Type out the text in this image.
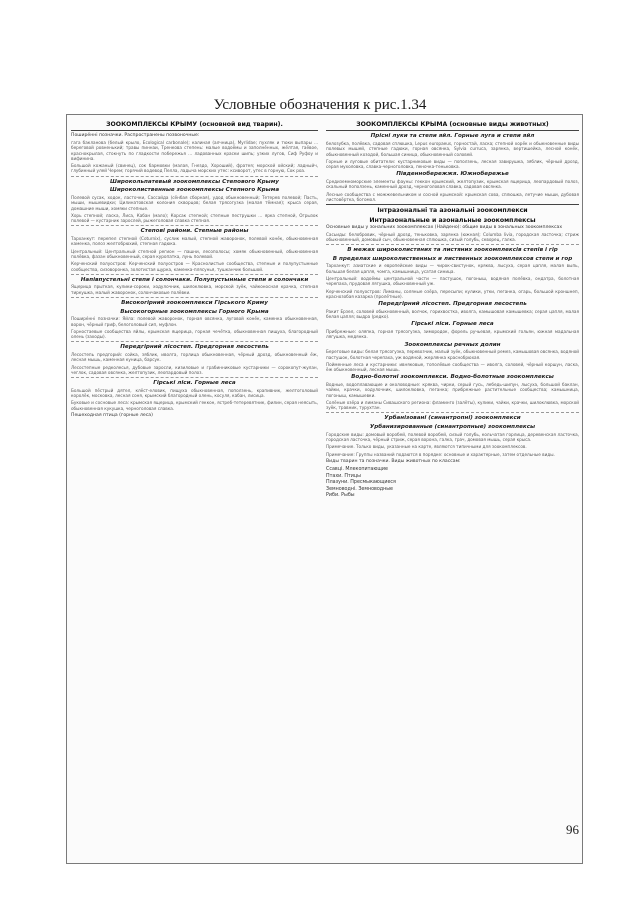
Условные обозначения к рис.1.34
ЗООКОМПЛЕКСЫ КРЫМУ (основной вид тварин).
Пошире́нні позначки. Распространены позвоночные:
гага бакланова (белый крыло, Ecological carbonale); калиная (алчница), Myrlidae; пухляк и тюки выпары ... береговой ровненький; травы пиннаи, Тренкова степень: малые водоёмы и заполнённых, жёлтая, гаёвое, краснокрылая, стокнуть по гладкости побережья ... ладованных краски шипь; узких лугов, Сиф Руфоу и вифинина.
Большой кожаный (свинец), сок бармовки (малая, Гнездо, Хороший), фратея; морской ойский; ладныйч, глубинный улей Черем; горячий водевод Пелла, ладыча морских утес: ксиворот, утес в горную, Сок роа.
Широкольпатевый зоокомплексы Степового Крыму
Широколиственные зоокомплексы Степного Крыма
Полевой сусак, ходок, ласточки, Сассайда (сёнбая сборная), удод обыкновенный; Тетерев полевой; Пасть, мыши, мышевидки; Цилинатовская колония скворцов; белая трясогузка (малая тёмная); крыса серая, домашние мыши, хомяки степные.
Хорь степной; ласка, Лиса, Кабан (мало); Корсак степной; степные пеструшки ... ярка степной, Огрызок полевой — кустарник зарослей, рыжеголовая славка степная.
Степові райони. Степные районы
Тарханкут: перепел степной (Coturnix), суслик малый, степной жаворонок, полевой конёк, обыкновенная каменка, полоз желтобрюхий, степная гадюка.
Центральный: Центральный степной регион — пашни, лесополосы; хомяк обыкновенный, обыкновенная полёвка, фазан обыкновенный, серая куропатка, лунь полевой.
Керченский полуостров: Керченский полуостров — Краснолистые сообщества, степные и полупустынные сообщества, сизоворонка, золотистая щурка, каменка-плясунья, тушканчик большой.
Напівпустельні степи і солончаки. Полупустынные степи и солончаки
Ящерица прыткая, кулики-сороки, ходулочник, шилоклювка, морской зуёк, чайконосная крачка, степная тиркушка, малый жаворонок, солончаковые полёвки.
Високогірний зоокомплекси Гірського Криму
Высокогорные зоокомплексы Горного Крыма
Пошире́нні позначки: Яйла: полевой жаворонок, горная овсянка, луговой конёк, каменка обыкновенная, ворон, чёрный гриф, белоголовый сип, муфлон.
Горностаевые сообщества яйлы, крымская ящерица, горная чечётка, обыкновенная пищуха, благородный олень (заходы).
Передгірний лісостеп. Предгорная лесостепь
Лесостепь предгорий: сойка, зяблик, иволга, горлица обыкновенная, чёрный дрозд, обыкновенный ёж, лесная мышь, каменная куница, барсук.
Лесостепные редколесья, дубовые заросли, кизиловые и грабинниковые кустарники — сорокопут-жулан, чеглок, садовая овсянка, желтопузик, леопардовый полоз.
Гірські ліси. Горные леса
Большой пёстрый дятел, клёст-еловик, пищуха обыкновенная, поползень, крапивник, желтоголовый королёк, московка, лесная соня, крымский благородный олень, косуля, кабан, лисица.
Буковые и сосновые леса: крымская ящерица, крымский геккон, ястреб-тетеревятник, филин, серая неясыть, обыкновенная кукушка, черноголовая славка.
Пешеходная птица (горные леса)
ЗООКОМПЛЕКСЫ КРЫМА (основные виды животных)
Прісні луки та степи яйл. Горные луга и степи яйл
белозубка, полёвка, садовая сплюшка, Lepus europaeus, горностай, ласка; степной хорёк и обыкновенные виды полевых мышей, степные гадюки, горная овсянка, Sylvia curruca, зарянка, вертишейка, лесной конёк, обыкновенный козодой, большая синица, обыкновенный соловей.
Горные и луговые обитатели: кустарниковые виды — поползень, лесная завирушка, зяблик, чёрный дрозд, серая мухоловка, славка-черноголовка, пеночка-теньковка.
Південнобережжя. Южнобережье
Средиземноморские элементы фауны: геккон крымский, желтопузик, крымская ящерица, леопардовый полоз, скальный поползень, каменный дрозд, черноголовая славка, садовая овсянка.
Лесные сообщества с можжевельником и сосной крымской: крымская сова, сплюшка, летучие мыши, дубовая листовёртка, богомол.
Інтразональні та азональні зоокомплекси
Интразональные и азональные зоокомплексы
Основные виды у зональних зоокомплексах (Найдено): общие виды в зональных зоокомплексах
Сасьиды: белобровик, чёрный дрозд, теньковка, зарянка (южная); Columba livia, городская ласточка; стриж обыкновенный, домовый сыч, обыкновенная сплюшка, сизый голубь, скворец, галка.
В межах широколистяних та листяних зоокомплексів степів і гір
В пределах широколиственных и лиственных зоокомплексов степи и гор
Тарханкут: азиатские и европейские виды — чирок-свистунок, кряква, лысуха, серая цапля, малая выпь, большая белая цапля, чомга, камышница, усатая синица.
Центральный: водоёмы центральной части — пастушок, погоныш, водяная полёвка, ондатра, болотная черепаха, прудовая лягушка, обыкновенный уж.
Керченский полуостров: Лиманы, соляные озёра, пересыпи; кулики, утки, пеганка, огарь, большой кроншнеп, краснозобая казарка (пролётные).
Передгірний лісостеп. Предгорная лесостепь
Ракит Ерзел, соловей обыкновенный, волчок, горихвостка, иволга, камышовая камышевка; серая цапля, малая белая цапля; выдра (редко).
Гірські ліси. Горные леса
Прибрежные: оляпка, горная трясогузка, зимородок, форель ручьевая, крымский гольян, южная мадальная лягушка, медянка.
Зоокомплексы речных долин
Береговые виды: белая трясогузка, перевозчик, малый зуёк, обыкновенный ремез, камышовая овсянка, водяной пастушок, болотная черепаха, уж водяной, жерлянка краснобрюхая.
Пойменные леса и кустарники: ивняковые, тополёвые сообщества — иволга, соловей, чёрный коршун, ласка, ёж обыкновенный, лесная мышь.
Водно-болотні зоокомплекси. Водно-болотные зоокомплексы
Водные, водоплавающие и околоводные: кряква, чирки, серый гусь, лебедь-шипун, лысуха, большой баклан, чайки, крачки, ходулочник, шилоклювка, пеганка; прибрежные растительные сообщества; камышница, погоныш, камышевки.
Солёные озёра и лиманы Сивашского региона: фламинго (залёты), кулики, чайки, крачки, шилоклювка, морской зуёк, травник, турухтан.
Урбанізовані (синантропні) зоокомплекси
Урбанизированные (синантропные) зоокомплексы
Городские виды: домовый воробей, полевой воробей, сизый голубь, кольчатая горлица, деревенская ласточка, городская ласточка, чёрный стриж, серая ворона, галка, грач, домовая мышь, серая крыса.
Примечание. Только виды, указанные на карте, являются типичными для зоокомплексов.
Примечание: Группы названий подаются в порядке: основные и характерные, затем отдельные виды.
Виды тварин та позначки. Виды животных по классам:
Ссавці. Млекопитающие
Птахи. Птицы
Плазуни. Пресмыкающиеся
Земноводні. Земноводные
Риби. Рыбы
96
